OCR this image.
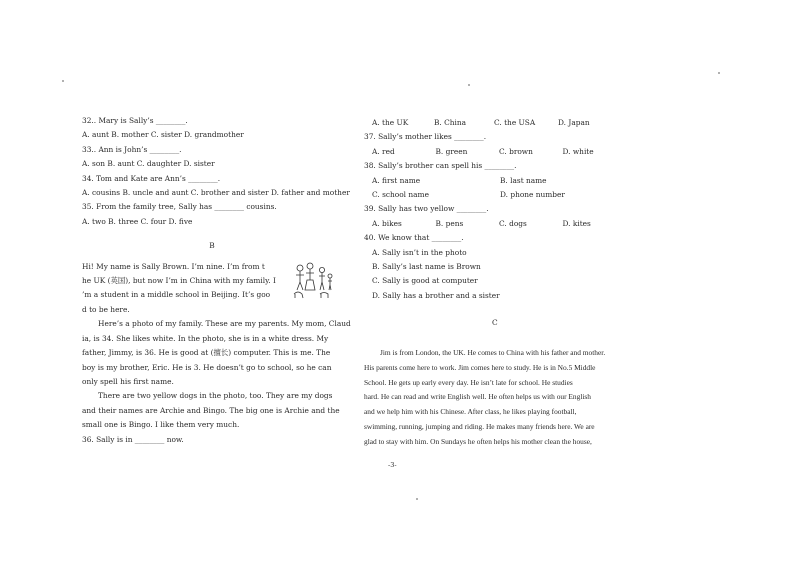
32.. Mary is Sally’s ________.
A. aunt B. mother C. sister D. grandmother
33.. Ann is John’s ________.
A. son B. aunt C. daughter D. sister
34. Tom and Kate are Ann’s ________.
A. cousins B. uncle and aunt C. brother and sister D. father and mother
35. From the family tree, Sally has ________ cousins.
A. two B. three C. four D. five
B
Hi! My name is Sally Brown. I’m nine. I’m from t
he UK (英国), but now I’m in China with my family. I
’m a student in a middle school in Beijing. It’s goo
d to be here.
Here’s a photo of my family. These are my parents. My mom, Claud
ia, is 34. She likes white. In the photo, she is in a white dress. My
father, Jimmy, is 36. He is good at (擅长) computer. This is me. The
boy is my brother, Eric. He is 3. He doesn’t go to school, so he can
only spell his first name.
There are two yellow dogs in the photo, too. They are my dogs
and their names are Archie and Bingo. The big one is Archie and the
small one is Bingo. I like them very much.
36. Sally is in ________ now.
A. the UK	B. China	C. the USA	D. Japan
37. Sally’s mother likes ________.
A. red	B. green	C. brown	D. white
38. Sally’s brother can spell his ________.
A. first name	B. last name
C. school name	D. phone number
39. Sally has two yellow ________.
A. bikes	B. pens	C. dogs	D. kites
40. We know that ________.
A. Sally isn’t in the photo
B. Sally’s last name is Brown
C. Sally is good at computer
D. Sally has a brother and a sister
C
Jim is from London, the UK. He comes to China with his father and mother.
His parents come here to work. Jim comes here to study. He is in No.5 Middle
School. He gets up early every day. He isn’t late for school. He studies
hard. He can read and write English well. He often helps us with our English
and we help him with his Chinese. After class, he likes playing football,
swimming, running, jumping and riding. He makes many friends here. We are
glad to stay with him. On Sundays he often helps his mother clean the house,
-3-
